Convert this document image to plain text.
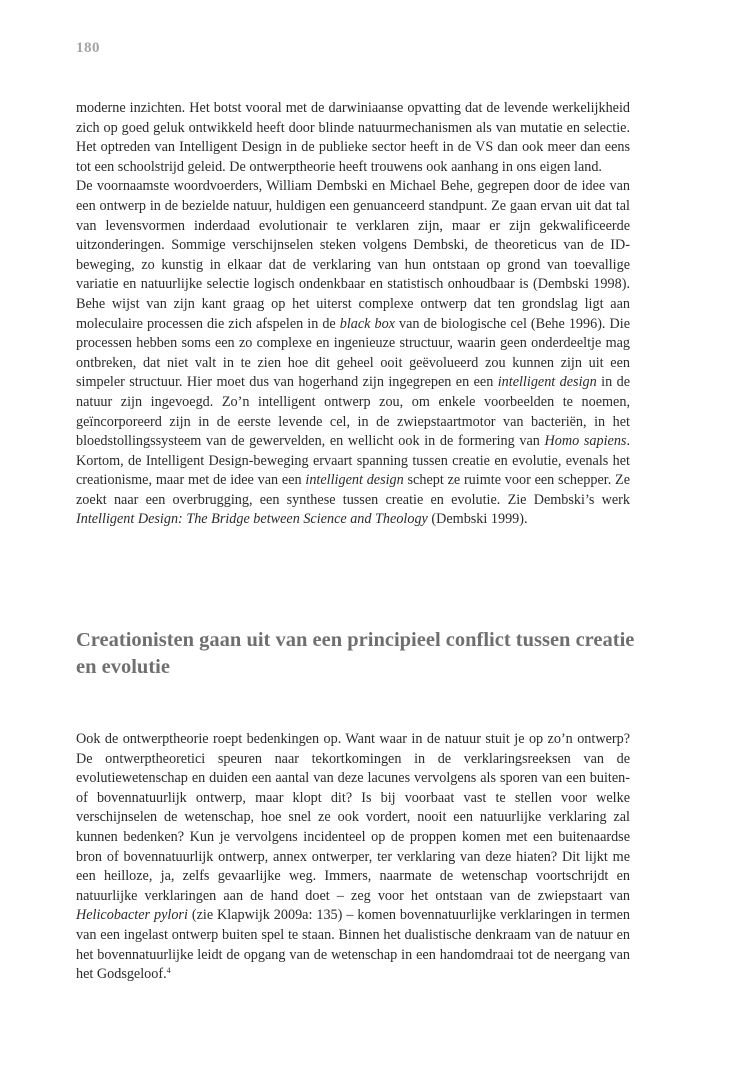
180

moderne inzichten. Het botst vooral met de darwiniaanse opvatting dat de levende werkelijkheid zich op goed geluk ontwikkeld heeft door blinde natuurmechanismen als van mutatie en selectie. Het optreden van Intelligent Design in de publieke sector heeft in de VS dan ook meer dan eens tot een schoolstrijd geleid. De ontwerptheorie heeft trouwens ook aanhang in ons eigen land.

De voornaamste woordvoerders, William Dembski en Michael Behe, gegrepen door de idee van een ontwerp in de bezielde natuur, huldigen een genuanceerd standpunt. Ze gaan ervan uit dat tal van levensvormen inderdaad evolutionair te verklaren zijn, maar er zijn gekwalificeerde uitzonderingen. Sommige verschijnselen steken volgens Dembski, de theoreticus van de ID-beweging, zo kunstig in elkaar dat de verklaring van hun ontstaan op grond van toevallige variatie en natuurlijke selectie logisch ondenkbaar en statistisch onhoudbaar is (Dembski 1998). Behe wijst van zijn kant graag op het uiterst complexe ontwerp dat ten grondslag ligt aan moleculaire processen die zich afspelen in de black box van de biologische cel (Behe 1996). Die processen hebben soms een zo complexe en ingenieuze structuur, waarin geen onderdeeltje mag ontbreken, dat niet valt in te zien hoe dit geheel ooit geëvolueerd zou kunnen zijn uit een simpeler structuur. Hier moet dus van hogerhand zijn ingegrepen en een intelligent design in de natuur zijn ingevoegd. Zo’n intelligent ontwerp zou, om enkele voorbeelden te noemen, geïncorporeerd zijn in de eerste levende cel, in de zwiepstaartmotor van bacteriën, in het bloedstollingssysteem van de gewervelden, en wellicht ook in de formering van Homo sapiens. Kortom, de Intelligent Design-beweging ervaart spanning tussen creatie en evolutie, evenals het creationisme, maar met de idee van een intelligent design schept ze ruimte voor een schepper. Ze zoekt naar een overbrugging, een synthese tussen creatie en evolutie. Zie Dembski’s werk Intelligent Design: The Bridge between Science and Theology (Dembski 1999).

Creationisten gaan uit van een principieel conflict tussen creatie en evolutie

Ook de ontwerptheorie roept bedenkingen op. Want waar in de natuur stuit je op zo’n ontwerp? De ontwerptheoretici speuren naar tekortkomingen in de verklaringsreeksen van de evolutiewetenschap en duiden een aantal van deze lacunes vervolgens als sporen van een buiten- of bovennatuurlijk ontwerp, maar klopt dit? Is bij voorbaat vast te stellen voor welke verschijnselen de wetenschap, hoe snel ze ook vordert, nooit een natuurlijke verklaring zal kunnen bedenken? Kun je vervolgens incidenteel op de proppen komen met een buitenaardse bron of bovennatuurlijk ontwerp, annex ontwerper, ter verklaring van deze hiaten? Dit lijkt me een heilloze, ja, zelfs gevaarlijke weg. Immers, naarmate de wetenschap voortschrijdt en natuurlijke verklaringen aan de hand doet – zeg voor het ontstaan van de zwiepstaart van Helicobacter pylori (zie Klapwijk 2009a: 135) – komen bovennatuurlijke verklaringen in termen van een ingelast ontwerp buiten spel te staan. Binnen het dualistische denkraam van de natuur en het bovennatuurlijke leidt de opgang van de wetenschap in een handomdraai tot de neergang van het Godsgeloof.$^4$
